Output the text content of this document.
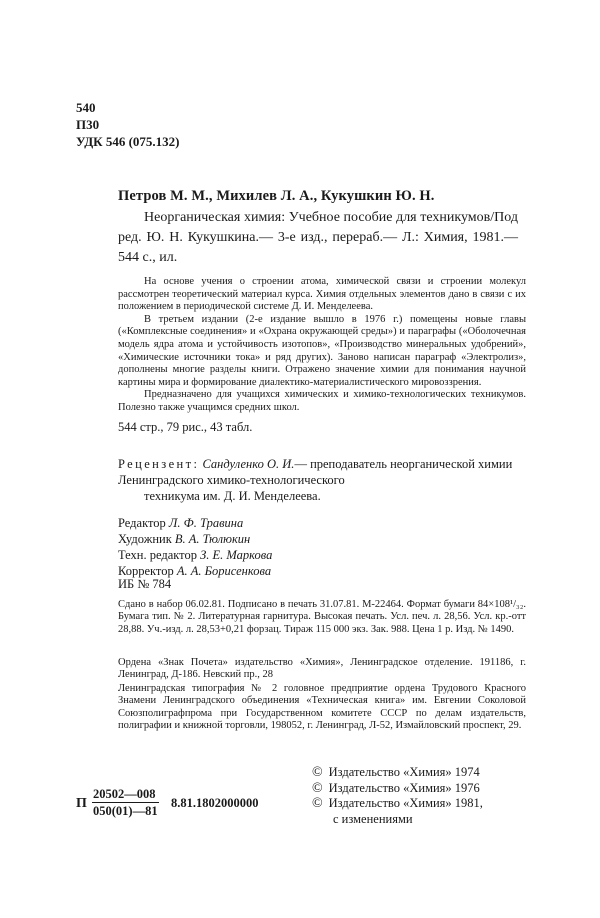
540
П30
УДК 546 (075.132)
Петров М. М., Михилев Л. А., Кукушкин Ю. Н.
Неорганическая химия: Учебное пособие для техникумов/Под ред. Ю. Н. Кукушкина.— 3-е изд., перераб.— Л.: Химия, 1981.— 544 с., ил.

На основе учения о строении атома, химической связи и строении молекул рассмотрен теоретический материал курса. Химия отдельных элементов дано в связи с их положением в периодической системе Д. И. Менделеева.

В третьем издании (2-е издание вышло в 1976 г.) помещены новые главы («Комплексные соединения» и «Охрана окружающей среды») и параграфы («Оболочечная модель ядра атома и устойчивость изотопов», «Производство минеральных удобрений», «Химические источники тока» и ряд других). Заново написан параграф «Электролиз», дополнены многие разделы книги. Отражено значение химии для понимания научной картины мира и формирование диалектико-материалистического мировоззрения.

Предназначено для учащихся химических и химико-технологических техникумов. Полезно также учащимся средних школ.

544 стр., 79 рис., 43 табл.
Рецензент: Сандуленко О. И.— преподаватель неорганической химии Ленинградского химико-технологического
техникума им. Д. И. Менделеева.
Редактор Л. Ф. Травина
Художник В. А. Тюлюкин
Техн. редактор З. Е. Маркова
Корректор А. А. Борисенкова
ИБ № 784
Сдано в набор 06.02.81. Подписано в печать 31.07.81. М-22464. Формат бумаги 84×108¹/₃₂. Бумага тип. № 2. Литературная гарнитура. Высокая печать. Усл. печ. л. 28,56. Усл. кр.-отт 28,88. Уч.-изд. л. 28,53+0,21 форзац. Тираж 115 000 экз. Зак. 988. Цена 1 р. Изд. № 1490.
Ордена «Знак Почета» издательство «Химия», Ленинградское отделение. 191186, г. Ленинград, Д-186. Невский пр., 28
Ленинградская типография № 2 головное предприятие ордена Трудового Красного Знамени Ленинградского объединения «Техническая книга» им. Евгении Соколовой Союзполиграфпрома при Государственном комитете СССР по делам издательств, полиграфии и книжной торговли, 198052, г. Ленинград, Л-52, Измайловский проспект, 29.
© Издательство «Химия» 1974
© Издательство «Химия» 1976
© Издательство «Химия» 1981,
с изменениями
П $\frac{20502—008}{050(01)—81} 8.81.1802000000$
